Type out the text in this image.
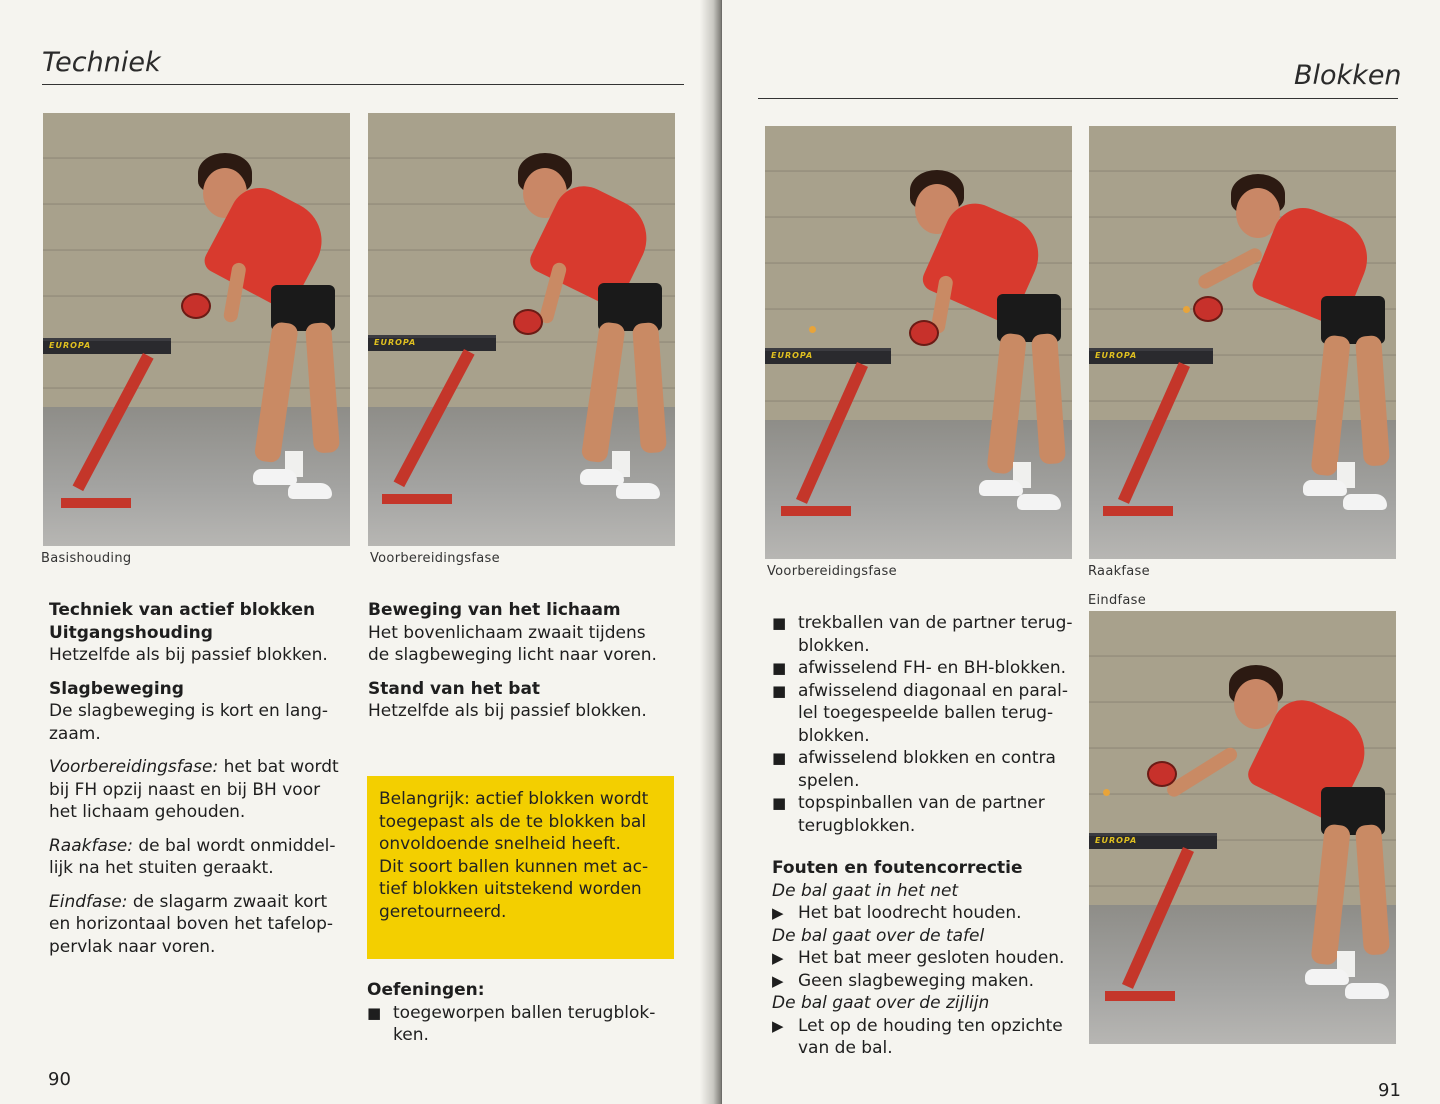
Techniek
EUROPA
Basishouding
EUROPA
Voorbereidingsfase

Techniek van actief blokken

Uitgangshouding

Hetzelfde als bij passief blokken.

Slagbeweging

De slagbeweging is kort en lang-

zaam.

Voorbereidingsfase: het bat wordt

bij FH opzij naast en bij BH voor

het lichaam gehouden.

Raakfase: de bal wordt onmiddel-

lijk na het stuiten geraakt.

Eindfase: de slagarm zwaait kort

en horizontaal boven het tafelop-

pervlak naar voren.

Beweging van het lichaam

Het bovenlichaam zwaait tijdens

de slagbeweging licht naar voren.

Stand van het bat

Hetzelfde als bij passief blokken.

Belangrijk: actief blokken wordt

toegepast als de te blokken bal

onvoldoende snelheid heeft.

Dit soort ballen kunnen met ac-

tief blokken uitstekend worden

geretourneerd.

Oefeningen:

■ toegeworpen ballen terugblok-

ken.

90
Blokken
EUROPA
Voorbereidingsfase
EUROPA
Raakfase
Eindfase
EUROPA
■ trekballen van de partner terug-

blokken.

■ afwisselend FH- en BH-blokken.

■ afwisselend diagonaal en paral-

lel toegespeelde ballen terug-

blokken.

■ afwisselend blokken en contra

spelen.

■ topspinballen van de partner

terugblokken.

Fouten en foutencorrectie

De bal gaat in het net

▶ Het bat loodrecht houden.

De bal gaat over de tafel

▶ Het bat meer gesloten houden.

▶ Geen slagbeweging maken.

De bal gaat over de zijlijn

▶ Let op de houding ten opzichte

van de bal.

91
